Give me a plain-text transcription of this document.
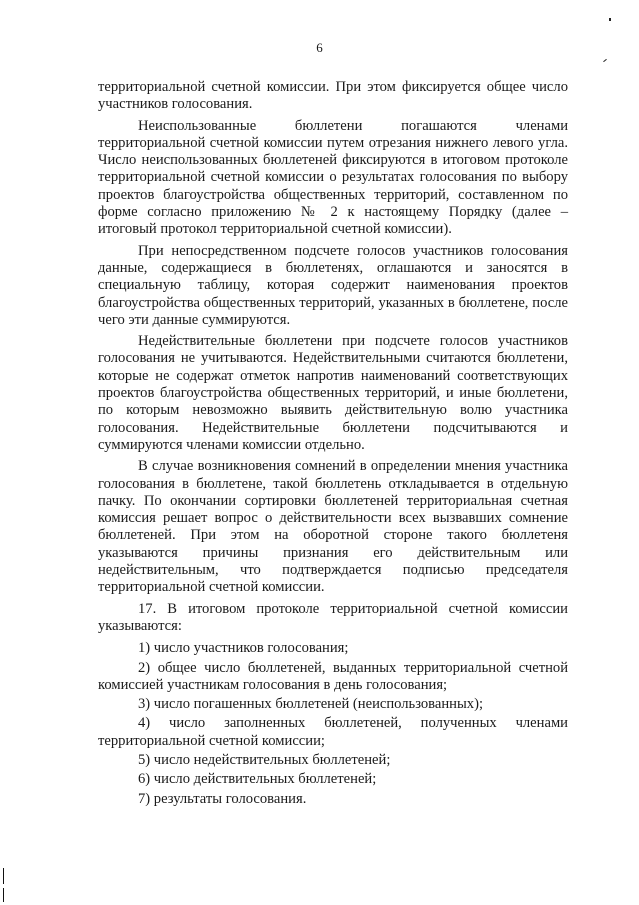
6

территориальной счетной комиссии. При этом фиксируется общее число участников голосования.

Неиспользованные бюллетени погашаются членами территориальной счетной комиссии путем отрезания нижнего левого угла. Число неиспользованных бюллетеней фиксируются в итоговом протоколе территориальной счетной комиссии о результатах голосования по выбору проектов благоустройства общественных территорий, составленном по форме согласно приложению № 2 к настоящему Порядку (далее – итоговый протокол территориальной счетной комиссии).

При непосредственном подсчете голосов участников голосования данные, содержащиеся в бюллетенях, оглашаются и заносятся в специальную таблицу, которая содержит наименования проектов благоустройства общественных территорий, указанных в бюллетене, после чего эти данные суммируются.

Недействительные бюллетени при подсчете голосов участников голосования не учитываются. Недействительными считаются бюллетени, которые не содержат отметок напротив наименований соответствующих проектов благоустройства общественных территорий, и иные бюллетени, по которым невозможно выявить действительную волю участника голосования. Недействительные бюллетени подсчитываются и суммируются членами комиссии отдельно.

В случае возникновения сомнений в определении мнения участника голосования в бюллетене, такой бюллетень откладывается в отдельную пачку. По окончании сортировки бюллетеней территориальная счетная комиссия решает вопрос о действительности всех вызвавших сомнение бюллетеней. При этом на оборотной стороне такого бюллетеня указываются причины признания его действительным или недействительным, что подтверждается подписью председателя территориальной счетной комиссии.

17. В итоговом протоколе территориальной счетной комиссии указываются:

1) число участников голосования;

2) общее число бюллетеней, выданных территориальной счетной комиссией участникам голосования в день голосования;

3) число погашенных бюллетеней (неиспользованных);

4) число заполненных бюллетеней, полученных членами территориальной счетной комиссии;

5) число недействительных бюллетеней;

6) число действительных бюллетеней;

7) результаты голосования.
